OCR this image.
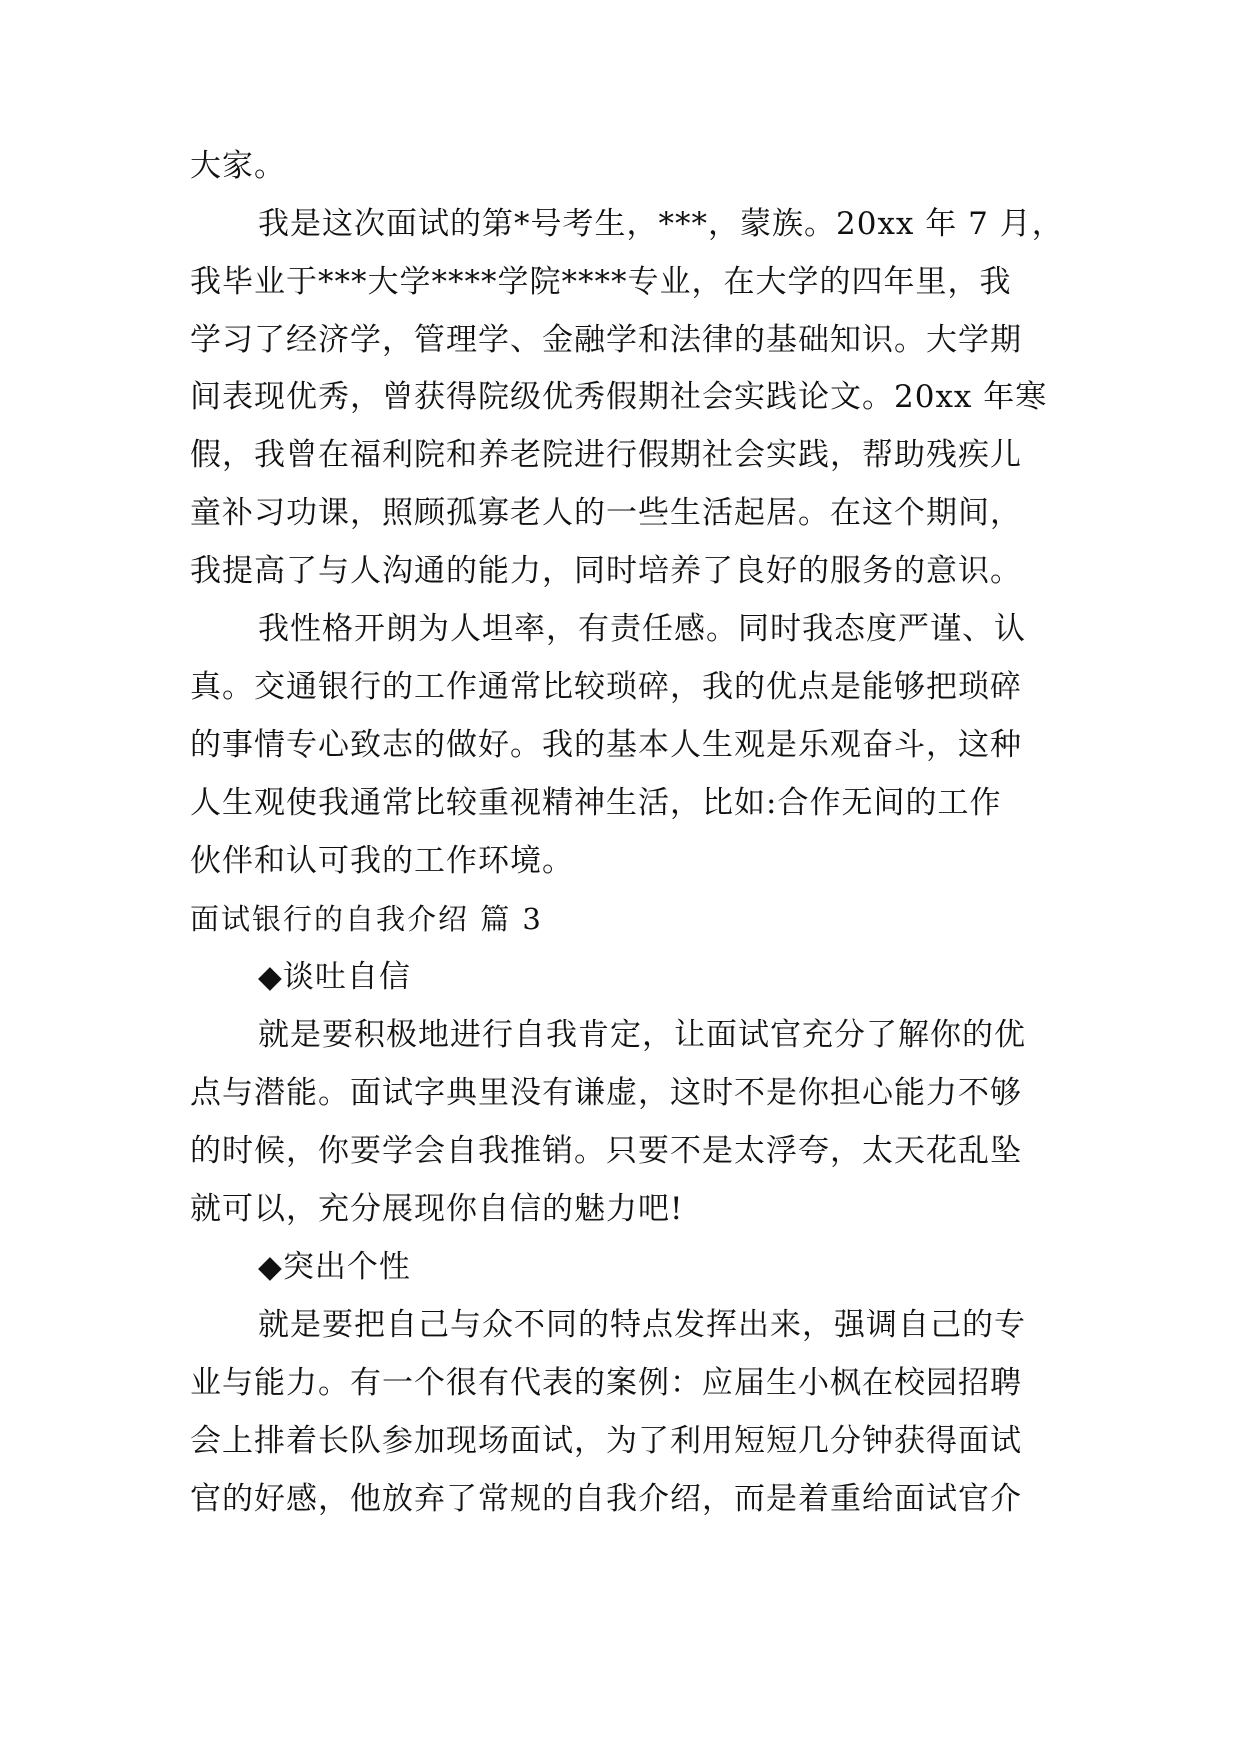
大家。
我是这次面试的第*号考生，***，蒙族。20xx 年 7 月，
我毕业于***大学****学院****专业，在大学的四年里，我
学习了经济学，管理学、金融学和法律的基础知识。大学期
间表现优秀，曾获得院级优秀假期社会实践论文。20xx 年寒
假，我曾在福利院和养老院进行假期社会实践，帮助残疾儿
童补习功课，照顾孤寡老人的一些生活起居。在这个期间，
我提高了与人沟通的能力，同时培养了良好的服务的意识。
我性格开朗为人坦率，有责任感。同时我态度严谨、认
真。交通银行的工作通常比较琐碎，我的优点是能够把琐碎
的事情专心致志的做好。我的基本人生观是乐观奋斗，这种
人生观使我通常比较重视精神生活，比如:合作无间的工作
伙伴和认可我的工作环境。
面试银行的自我介绍 篇 3
◆谈吐自信
就是要积极地进行自我肯定，让面试官充分了解你的优
点与潜能。面试字典里没有谦虚，这时不是你担心能力不够
的时候，你要学会自我推销。只要不是太浮夸，太天花乱坠
就可以，充分展现你自信的魅力吧!
◆突出个性
就是要把自己与众不同的特点发挥出来，强调自己的专
业与能力。有一个很有代表的案例：应届生小枫在校园招聘
会上排着长队参加现场面试，为了利用短短几分钟获得面试
官的好感，他放弃了常规的自我介绍，而是着重给面试官介
